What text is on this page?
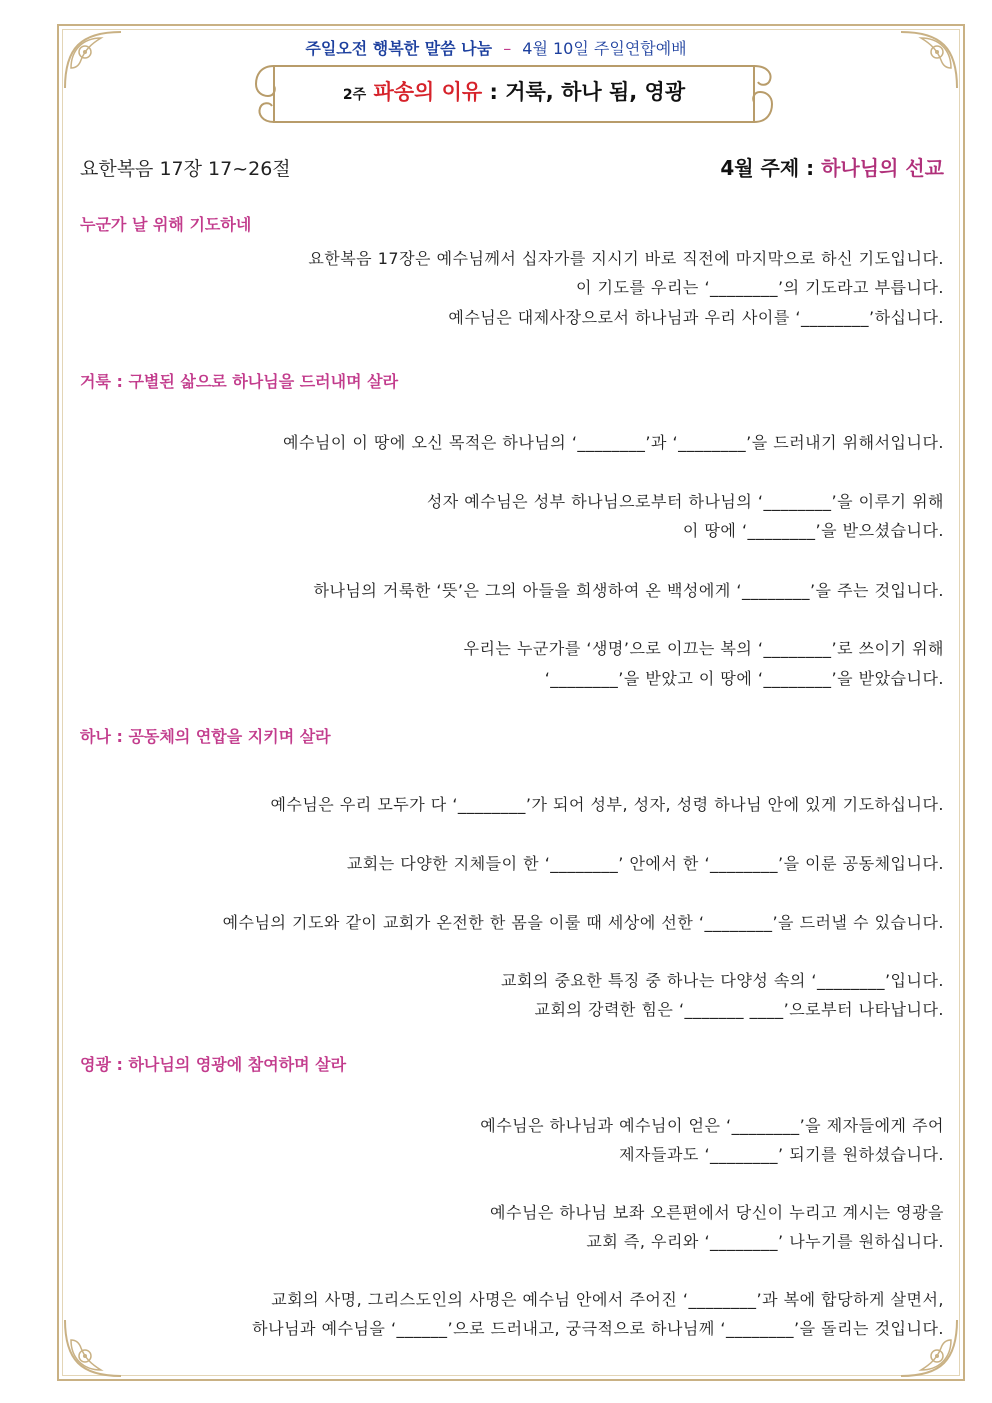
주일오전 행복한 말씀 나눔 – 4월 10일 주일연합예배
2주 파송의 이유 : 거룩, 하나 됨, 영광
요한복음 17장 17~26절	4월 주제 : 하나님의 선교
누군가 날 위해 기도하네
요한복음 17장은 예수님께서 십자가를 지시기 바로 직전에 마지막으로 하신 기도입니다.
이 기도를 우리는 ‘________’의 기도라고 부릅니다.
예수님은 대제사장으로서 하나님과 우리 사이를 ‘________’하십니다.
거룩 : 구별된 삶으로 하나님을 드러내며 살라
예수님이 이 땅에 오신 목적은 하나님의 ‘________’과 ‘________’을 드러내기 위해서입니다.
성자 예수님은 성부 하나님으로부터 하나님의 ‘________’을 이루기 위해
이 땅에 ‘________’을 받으셨습니다.
하나님의 거룩한 ‘뜻’은 그의 아들을 희생하여 온 백성에게 ‘________’을 주는 것입니다.
우리는 누군가를 ‘생명’으로 이끄는 복의 ‘________’로 쓰이기 위해
‘________’을 받았고 이 땅에 ‘________’을 받았습니다.
하나 : 공동체의 연합을 지키며 살라
예수님은 우리 모두가 다 ‘________’가 되어 성부, 성자, 성령 하나님 안에 있게 기도하십니다.
교회는 다양한 지체들이 한 ‘________’ 안에서 한 ‘________’을 이룬 공동체입니다.
예수님의 기도와 같이 교회가 온전한 한 몸을 이룰 때 세상에 선한 ‘________’을 드러낼 수 있습니다.
교회의 중요한 특징 중 하나는 다양성 속의 ‘________’입니다.
교회의 강력한 힘은 ‘_______ ____’으로부터 나타납니다.
영광 : 하나님의 영광에 참여하며 살라
예수님은 하나님과 예수님이 얻은 ‘________’을 제자들에게 주어
제자들과도 ‘________’ 되기를 원하셨습니다.
예수님은 하나님 보좌 오른편에서 당신이 누리고 계시는 영광을
교회 즉, 우리와 ‘________’ 나누기를 원하십니다.
교회의 사명, 그리스도인의 사명은 예수님 안에서 주어진 ‘________’과 복에 합당하게 살면서,
하나님과 예수님을 ‘______’으로 드러내고, 궁극적으로 하나님께 ‘________’을 돌리는 것입니다.
